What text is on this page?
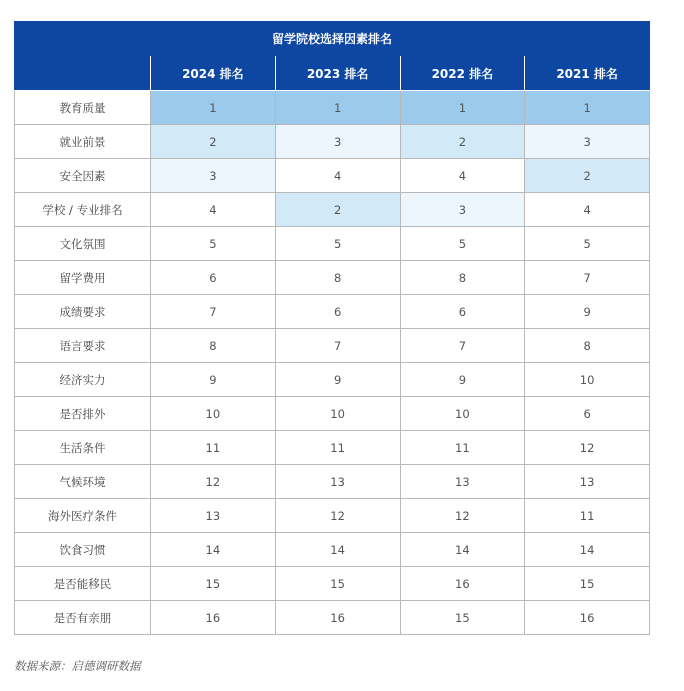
留学院校选择因素排名				
	2024 排名	2023 排名	2022 排名	2021 排名
教育质量	1	1	1	1
就业前景	2	3	2	3
安全因素	3	4	4	2
学校 / 专业排名	4	2	3	4
文化氛围	5	5	5	5
留学费用	6	8	8	7
成绩要求	7	6	6	9
语言要求	8	7	7	8
经济实力	9	9	9	10
是否排外	10	10	10	6
生活条件	11	11	11	12
气候环境	12	13	13	13
海外医疗条件	13	12	12	11
饮食习惯	14	14	14	14
是否能移民	15	15	16	15
是否有亲朋	16	16	15	16
数据来源：启德调研数据
